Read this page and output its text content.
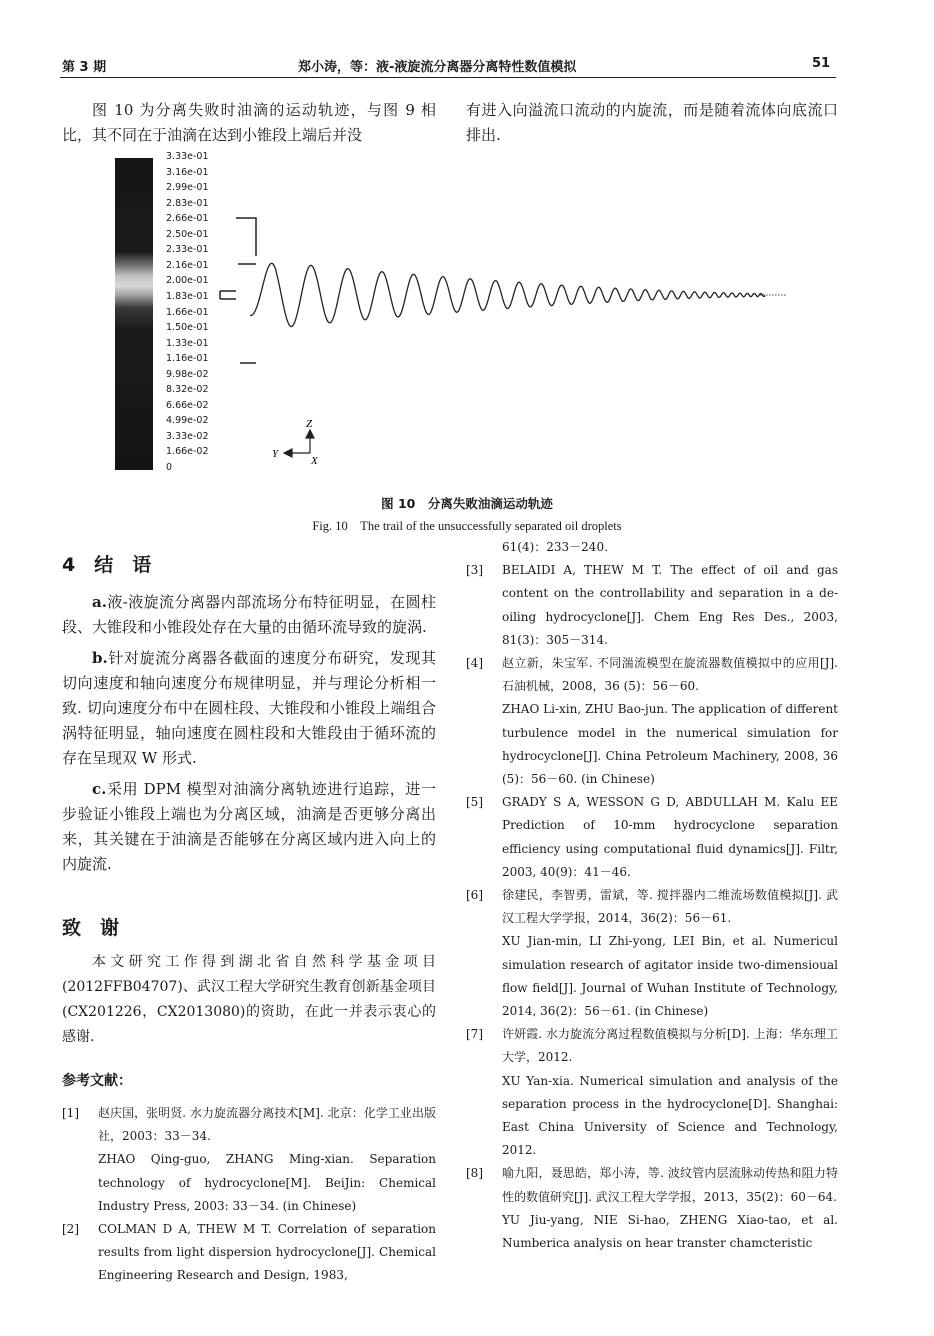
第 3 期	郑小涛，等：液-液旋流分离器分离特性数值模拟	51

图 10 为分离失败时油滴的运动轨迹，与图 9 相比，其不同在于油滴在达到小锥段上端后并没

有进入向溢流口流动的内旋流，而是随着流体向底流口排出.

Z
Y
X
3.33e-01
3.16e-01
2.99e-01
2.83e-01
2.66e-01
2.50e-01
2.33e-01
2.16e-01
2.00e-01
1.83e-01
1.66e-01
1.50e-01
1.33e-01
1.16e-01
9.98e-02
8.32e-02
6.66e-02
4.99e-02
3.33e-02
1.66e-02
0
图 10　分离失败油滴运动轨迹
Fig. 10　The trail of the unsuccessfully separated oil droplets
4　结　语

a.液-液旋流分离器内部流场分布特征明显，在圆柱段、大锥段和小锥段处存在大量的由循环流导致的旋涡.

b.针对旋流分离器各截面的速度分布研究，发现其切向速度和轴向速度分布规律明显，并与理论分析相一致. 切向速度分布中在圆柱段、大锥段和小锥段上端组合涡特征明显，轴向速度在圆柱段和大锥段由于循环流的存在呈现双 W 形式.

c.采用 DPM 模型对油滴分离轨迹进行追踪，进一步验证小锥段上端也为分离区域，油滴是否更够分离出来，其关键在于油滴是否能够在分离区域内进入向上的内旋流.

致　谢

本文研究工作得到湖北省自然科学基金项目(2012FFB04707)、武汉工程大学研究生教育创新基金项目(CX201226，CX2013080)的资助，在此一并表示衷心的感谢.

参考文献：
[1] 赵庆国，张明贤. 水力旋流器分离技术[M]. 北京：化学工业出版社，2003：33－34.

ZHAO Qing-guo, ZHANG Ming-xian. Separation technology of hydrocyclone[M]. BeiJin: Chemical Industry Press, 2003: 33－34. (in Chinese)

[2] COLMAN D A, THEW M T. Correlation of separation results from light dispersion hydrocyclone[J]. Chemical Engineering Research and Design, 1983,

61(4)：233－240.

[3] BELAIDI A, THEW M T. The effect of oil and gas content on the controllability and separation in a de-oiling hydrocyclone[J]. Chem Eng Res Des., 2003, 81(3)：305－314.

[4] 赵立新，朱宝军. 不同湍流模型在旋流器数值模拟中的应用[J]. 石油机械，2008，36 (5)：56－60.

ZHAO Li-xin, ZHU Bao-jun. The application of different turbulence model in the numerical simulation for hydrocyclone[J]. China Petroleum Machinery, 2008, 36 (5)：56－60. (in Chinese)

[5] GRADY S A, WESSON G D, ABDULLAH M. Kalu EE Prediction of 10-mm hydrocyclone separation efficiency using computational fluid dynamics[J]. Filtr, 2003, 40(9)：41－46.

[6] 徐建民，李智勇，雷斌，等. 搅拌器内二维流场数值模拟[J]. 武汉工程大学学报，2014，36(2)：56－61.

XU Jian-min, LI Zhi-yong, LEI Bin, et al. Numericul simulation research of agitator inside two-dimensioual flow field[J]. Journal of Wuhan Institute of Technology, 2014, 36(2)：56－61. (in Chinese)

[7] 许妍霞. 水力旋流分离过程数值模拟与分析[D]. 上海：华东理工大学，2012.

XU Yan-xia. Numerical simulation and analysis of the separation process in the hydrocyclone[D]. Shanghai: East China University of Science and Technology, 2012.

[8] 喻九阳，聂思皓，郑小涛，等. 波纹管内层流脉动传热和阻力特性的数值研究[J]. 武汉工程大学学报，2013，35(2)：60－64.

YU Jiu-yang, NIE Si-hao, ZHENG Xiao-tao, et al. Numberica analysis on hear transter chamcteristic
